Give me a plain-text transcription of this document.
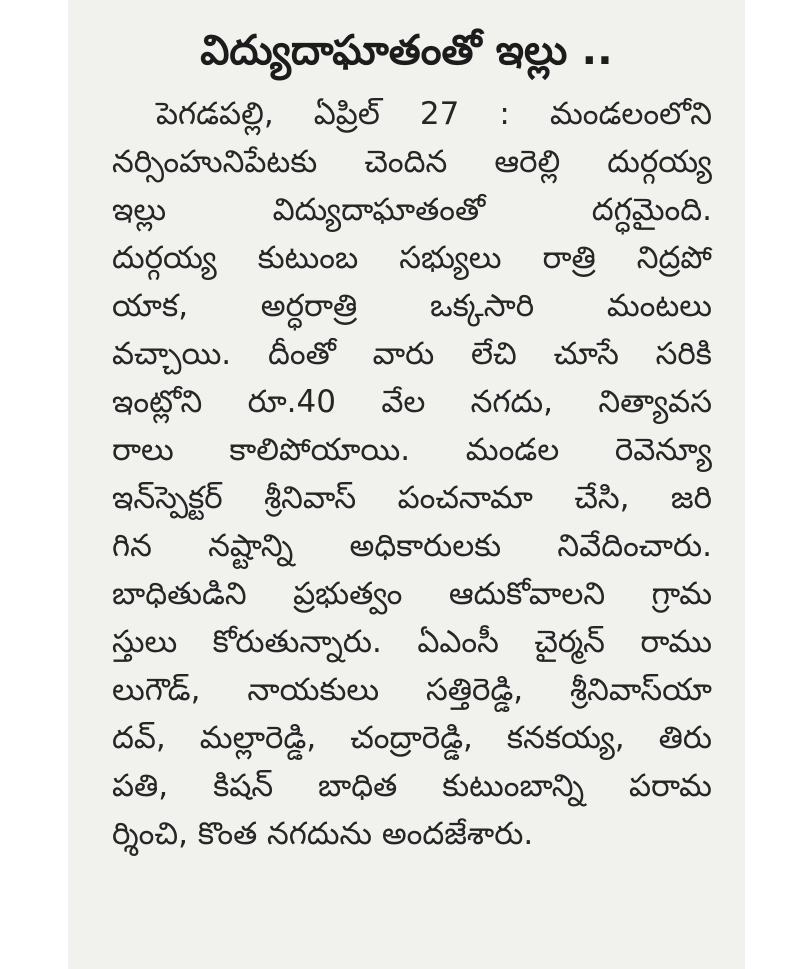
విద్యుదాఘాతంతో ఇల్లు ..
పెగడపల్లి, ఏప్రిల్ 27 : మండలంలోని
నర్సింహునిపేటకు చెందిన ఆరెల్లి దుర్గయ్య
ఇల్లు	విద్యుదాఘాతంతో	దగ్ధమైంది.
దుర్గయ్య కుటుంబ సభ్యులు రాత్రి నిద్రపో
యాక, అర్ధరాత్రి ఒక్కసారి మంటలు
వచ్చాయి. దీంతో వారు లేచి చూసే సరికి
ఇంట్లోని రూ.40 వేల నగదు, నిత్యావస
రాలు కాలిపోయాయి. మండల రెవెన్యూ
ఇన్‌స్పెక్టర్ శ్రీనివాస్ పంచనామా చేసి, జరి
గిన నష్టాన్ని అధికారులకు నివేదించారు.
బాధితుడిని ప్రభుత్వం ఆదుకోవాలని గ్రామ
స్తులు కోరుతున్నారు. ఏఎంసీ చైర్మన్ రాము
లుగౌడ్, నాయకులు సత్తిరెడ్డి, శ్రీనివాస్‌యా
దవ్, మల్లారెడ్డి, చంద్రారెడ్డి, కనకయ్య, తిరు
పతి, కిషన్ బాధిత కుటుంబాన్ని పరామ
ర్శించి, కొంత నగదును అందజేశారు.
